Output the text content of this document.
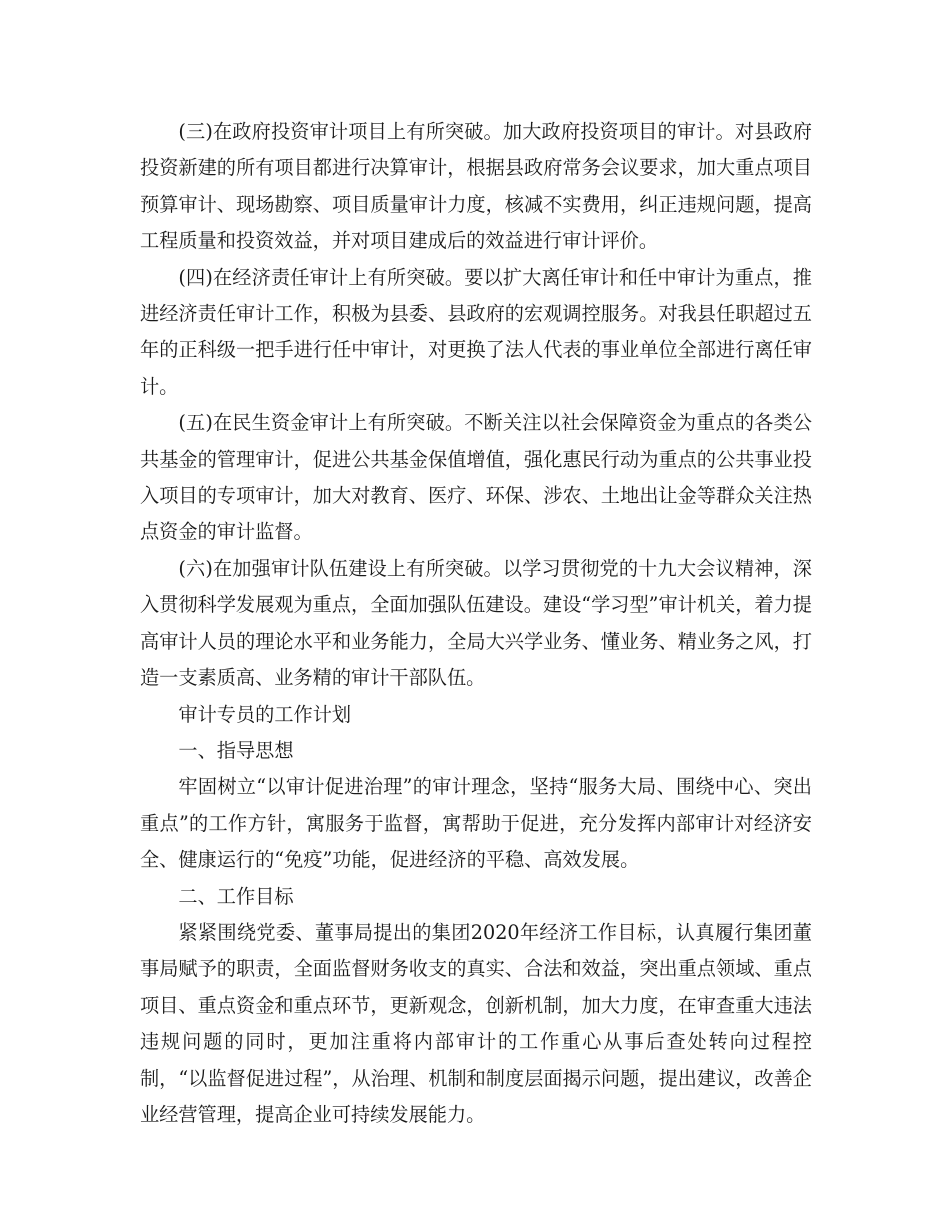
(三)在政府投资审计项目上有所突破。加大政府投资项目的审计。对县政府投资新建的所有项目都进行决算审计，根据县政府常务会议要求，加大重点项目预算审计、现场勘察、项目质量审计力度，核减不实费用，纠正违规问题，提高工程质量和投资效益，并对项目建成后的效益进行审计评价。

(四)在经济责任审计上有所突破。要以扩大离任审计和任中审计为重点，推进经济责任审计工作，积极为县委、县政府的宏观调控服务。对我县任职超过五年的正科级一把手进行任中审计，对更换了法人代表的事业单位全部进行离任审计。

(五)在民生资金审计上有所突破。不断关注以社会保障资金为重点的各类公共基金的管理审计，促进公共基金保值增值，强化惠民行动为重点的公共事业投入项目的专项审计，加大对教育、医疗、环保、涉农、土地出让金等群众关注热点资金的审计监督。

(六)在加强审计队伍建设上有所突破。以学习贯彻党的十九大会议精神，深入贯彻科学发展观为重点，全面加强队伍建设。建设“学习型”审计机关，着力提高审计人员的理论水平和业务能力，全局大兴学业务、懂业务、精业务之风，打造一支素质高、业务精的审计干部队伍。

审计专员的工作计划

一、指导思想

牢固树立“以审计促进治理”的审计理念，坚持“服务大局、围绕中心、突出重点”的工作方针，寓服务于监督，寓帮助于促进，充分发挥内部审计对经济安全、健康运行的“免疫”功能，促进经济的平稳、高效发展。

二、工作目标

紧紧围绕党委、董事局提出的集团2020年经济工作目标，认真履行集团董事局赋予的职责，全面监督财务收支的真实、合法和效益，突出重点领域、重点项目、重点资金和重点环节，更新观念，创新机制，加大力度，在审查重大违法违规问题的同时，更加注重将内部审计的工作重心从事后查处转向过程控制，“以监督促进过程”，从治理、机制和制度层面揭示问题，提出建议，改善企业经营管理，提高企业可持续发展能力。
